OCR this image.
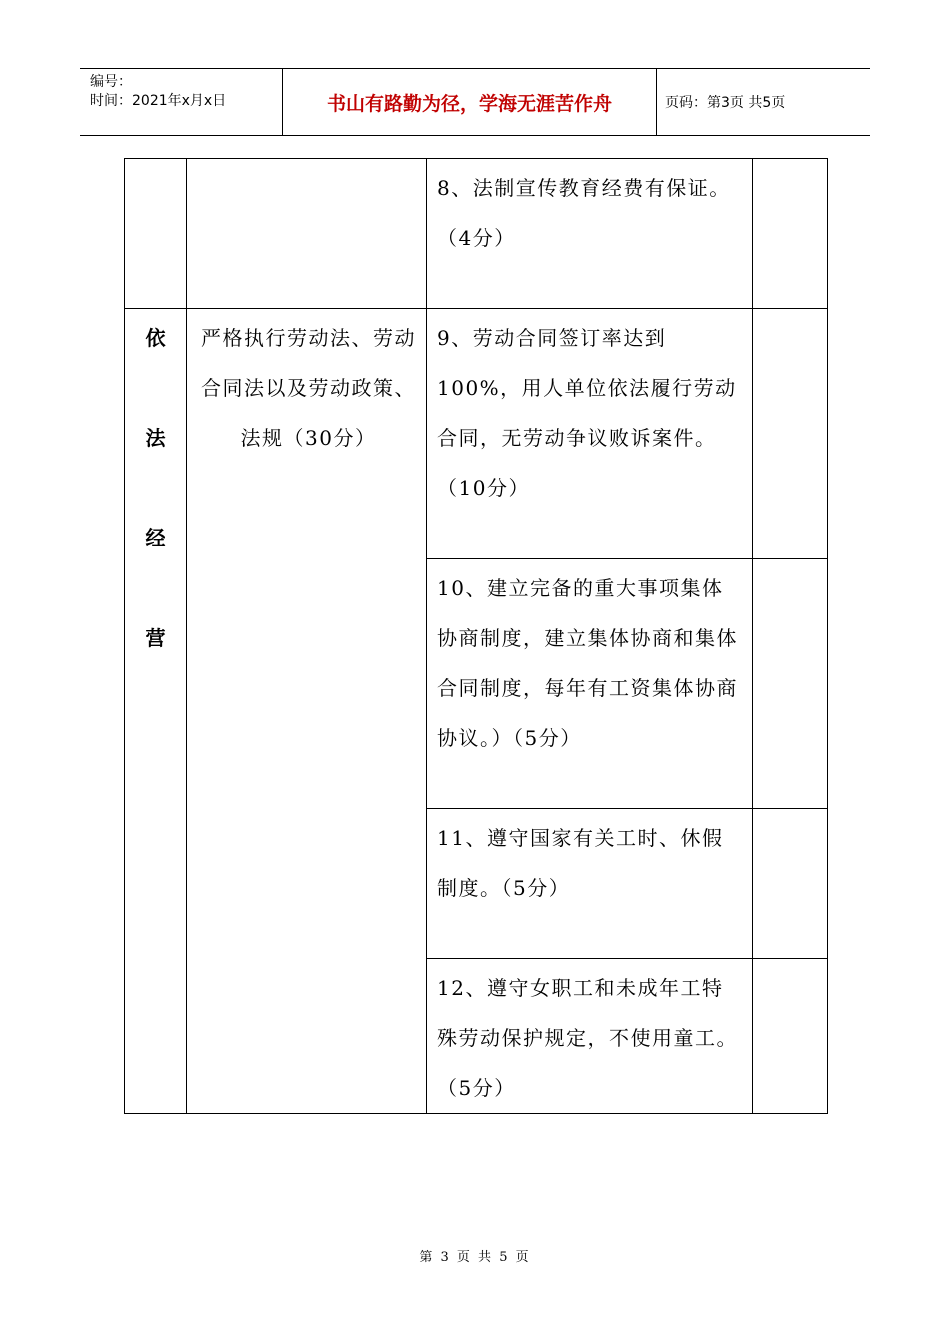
编号：
时间：2021年x月x日	书山有路勤为径，学海无涯苦作舟	页码：第3页 共5页

		8、法制宣传教育经费有保证。（4分）	

依
法
经
营	严格执行劳动法、劳动合同法以及劳动政策、法规（30分）	9、劳动合同签订率达到100%，用人单位依法履行劳动合同，无劳动争议败诉案件。（10分）	

		10、建立完备的重大事项集体协商制度，建立集体协商和集体合同制度，每年有工资集体协商协议。）（5分）	

		11、遵守国家有关工时、休假制度。（5分）	

		12、遵守女职工和未成年工特殊劳动保护规定，不使用童工。（5分）	

第 3 页 共 5 页
